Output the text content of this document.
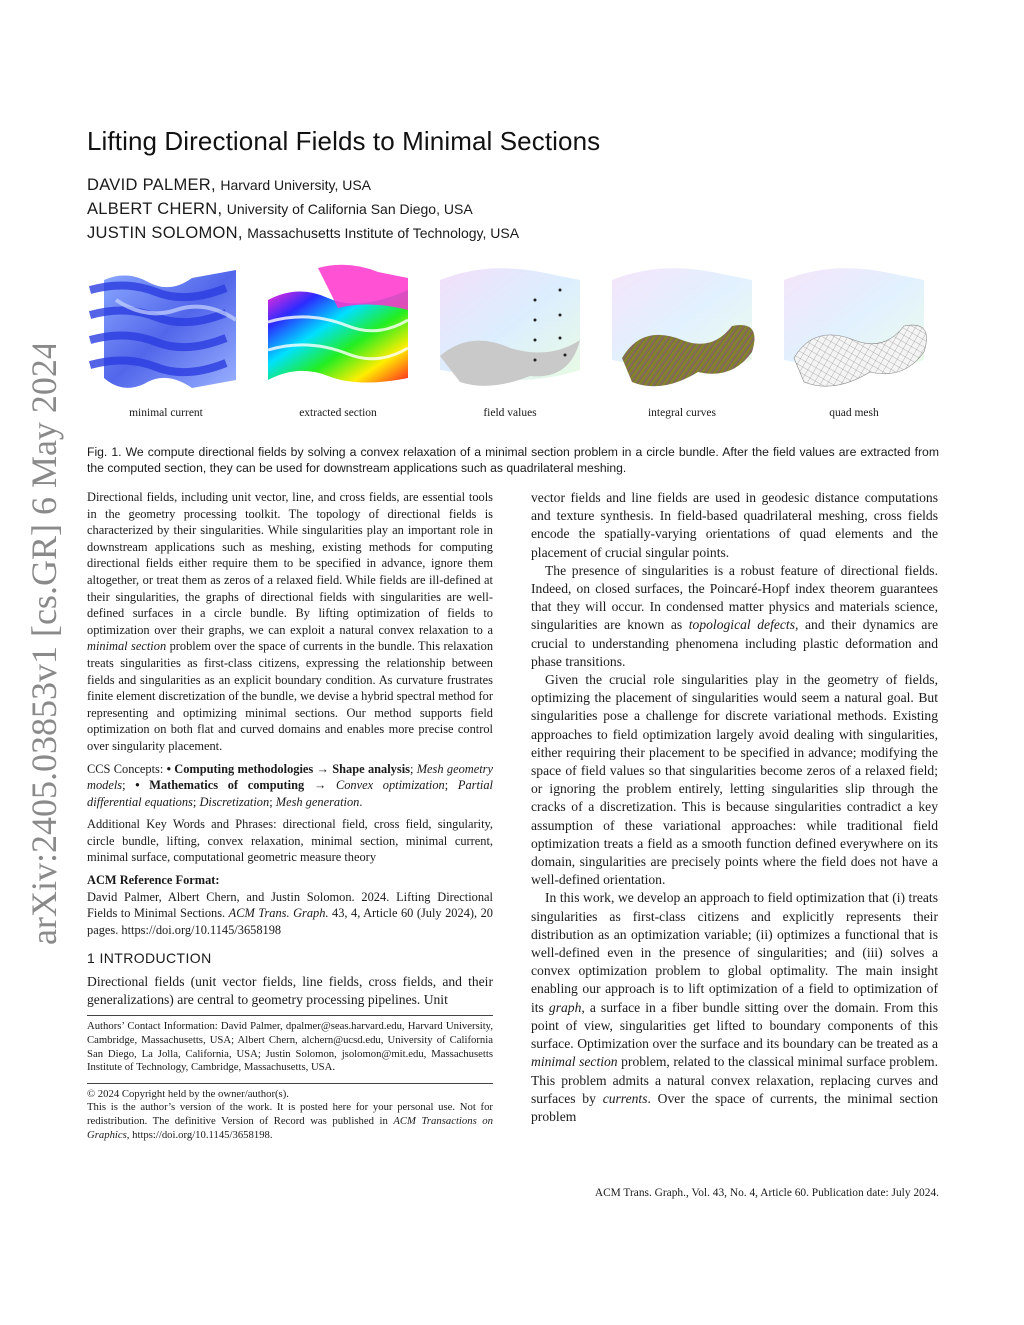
arXiv:2405.03853v1 [cs.GR] 6 May 2024
Lifting Directional Fields to Minimal Sections
DAVID PALMER, Harvard University, USA
ALBERT CHERN, University of California San Diego, USA
JUSTIN SOLOMON, Massachusetts Institute of Technology, USA
minimal current	extracted section	field values	integral curves	quad mesh
Fig. 1. We compute directional fields by solving a convex relaxation of a minimal section problem in a circle bundle. After the field values are extracted from the computed section, they can be used for downstream applications such as quadrilateral meshing.

Directional fields, including unit vector, line, and cross fields, are essential tools in the geometry processing toolkit. The topology of directional fields is characterized by their singularities. While singularities play an important role in downstream applications such as meshing, existing methods for computing directional fields either require them to be specified in advance, ignore them altogether, or treat them as zeros of a relaxed field. While fields are ill-defined at their singularities, the graphs of directional fields with singularities are well-defined surfaces in a circle bundle. By lifting optimization of fields to optimization over their graphs, we can exploit a natural convex relaxation to a minimal section problem over the space of currents in the bundle. This relaxation treats singularities as first-class citizens, expressing the relationship between fields and singularities as an explicit boundary condition. As curvature frustrates finite element discretization of the bundle, we devise a hybrid spectral method for representing and optimizing minimal sections. Our method supports field optimization on both flat and curved domains and enables more precise control over singularity placement.

CCS Concepts: • Computing methodologies → Shape analysis; Mesh geometry models; • Mathematics of computing → Convex optimization; Partial differential equations; Discretization; Mesh generation.

Additional Key Words and Phrases: directional field, cross field, singularity, circle bundle, lifting, convex relaxation, minimal section, minimal current, minimal surface, computational geometric measure theory

ACM Reference Format:

David Palmer, Albert Chern, and Justin Solomon. 2024. Lifting Directional Fields to Minimal Sections. ACM Trans. Graph. 43, 4, Article 60 (July 2024), 20 pages. https://doi.org/10.1145/3658198

1 INTRODUCTION

Directional fields (unit vector fields, line fields, cross fields, and their generalizations) are central to geometry processing pipelines. Unit

Authors’ Contact Information: David Palmer, dpalmer@seas.harvard.edu, Harvard University, Cambridge, Massachusetts, USA; Albert Chern, alchern@ucsd.edu, University of California San Diego, La Jolla, California, USA; Justin Solomon, jsolomon@mit.edu, Massachusetts Institute of Technology, Cambridge, Massachusetts, USA.

© 2024 Copyright held by the owner/author(s).

This is the author’s version of the work. It is posted here for your personal use. Not for redistribution. The definitive Version of Record was published in ACM Transactions on Graphics, https://doi.org/10.1145/3658198.

vector fields and line fields are used in geodesic distance computations and texture synthesis. In field-based quadrilateral meshing, cross fields encode the spatially-varying orientations of quad elements and the placement of crucial singular points.

The presence of singularities is a robust feature of directional fields. Indeed, on closed surfaces, the Poincaré-Hopf index theorem guarantees that they will occur. In condensed matter physics and materials science, singularities are known as topological defects, and their dynamics are crucial to understanding phenomena including plastic deformation and phase transitions.

Given the crucial role singularities play in the geometry of fields, optimizing the placement of singularities would seem a natural goal. But singularities pose a challenge for discrete variational methods. Existing approaches to field optimization largely avoid dealing with singularities, either requiring their placement to be specified in advance; modifying the space of field values so that singularities become zeros of a relaxed field; or ignoring the problem entirely, letting singularities slip through the cracks of a discretization. This is because singularities contradict a key assumption of these variational approaches: while traditional field optimization treats a field as a smooth function defined everywhere on its domain, singularities are precisely points where the field does not have a well-defined orientation.

In this work, we develop an approach to field optimization that (i) treats singularities as first-class citizens and explicitly represents their distribution as an optimization variable; (ii) optimizes a functional that is well-defined even in the presence of singularities; and (iii) solves a convex optimization problem to global optimality. The main insight enabling our approach is to lift optimization of a field to optimization of its graph, a surface in a fiber bundle sitting over the domain. From this point of view, singularities get lifted to boundary components of this surface. Optimization over the surface and its boundary can be treated as a minimal section problem, related to the classical minimal surface problem. This problem admits a natural convex relaxation, replacing curves and surfaces by currents. Over the space of currents, the minimal section problem

ACM Trans. Graph., Vol. 43, No. 4, Article 60. Publication date: July 2024.
